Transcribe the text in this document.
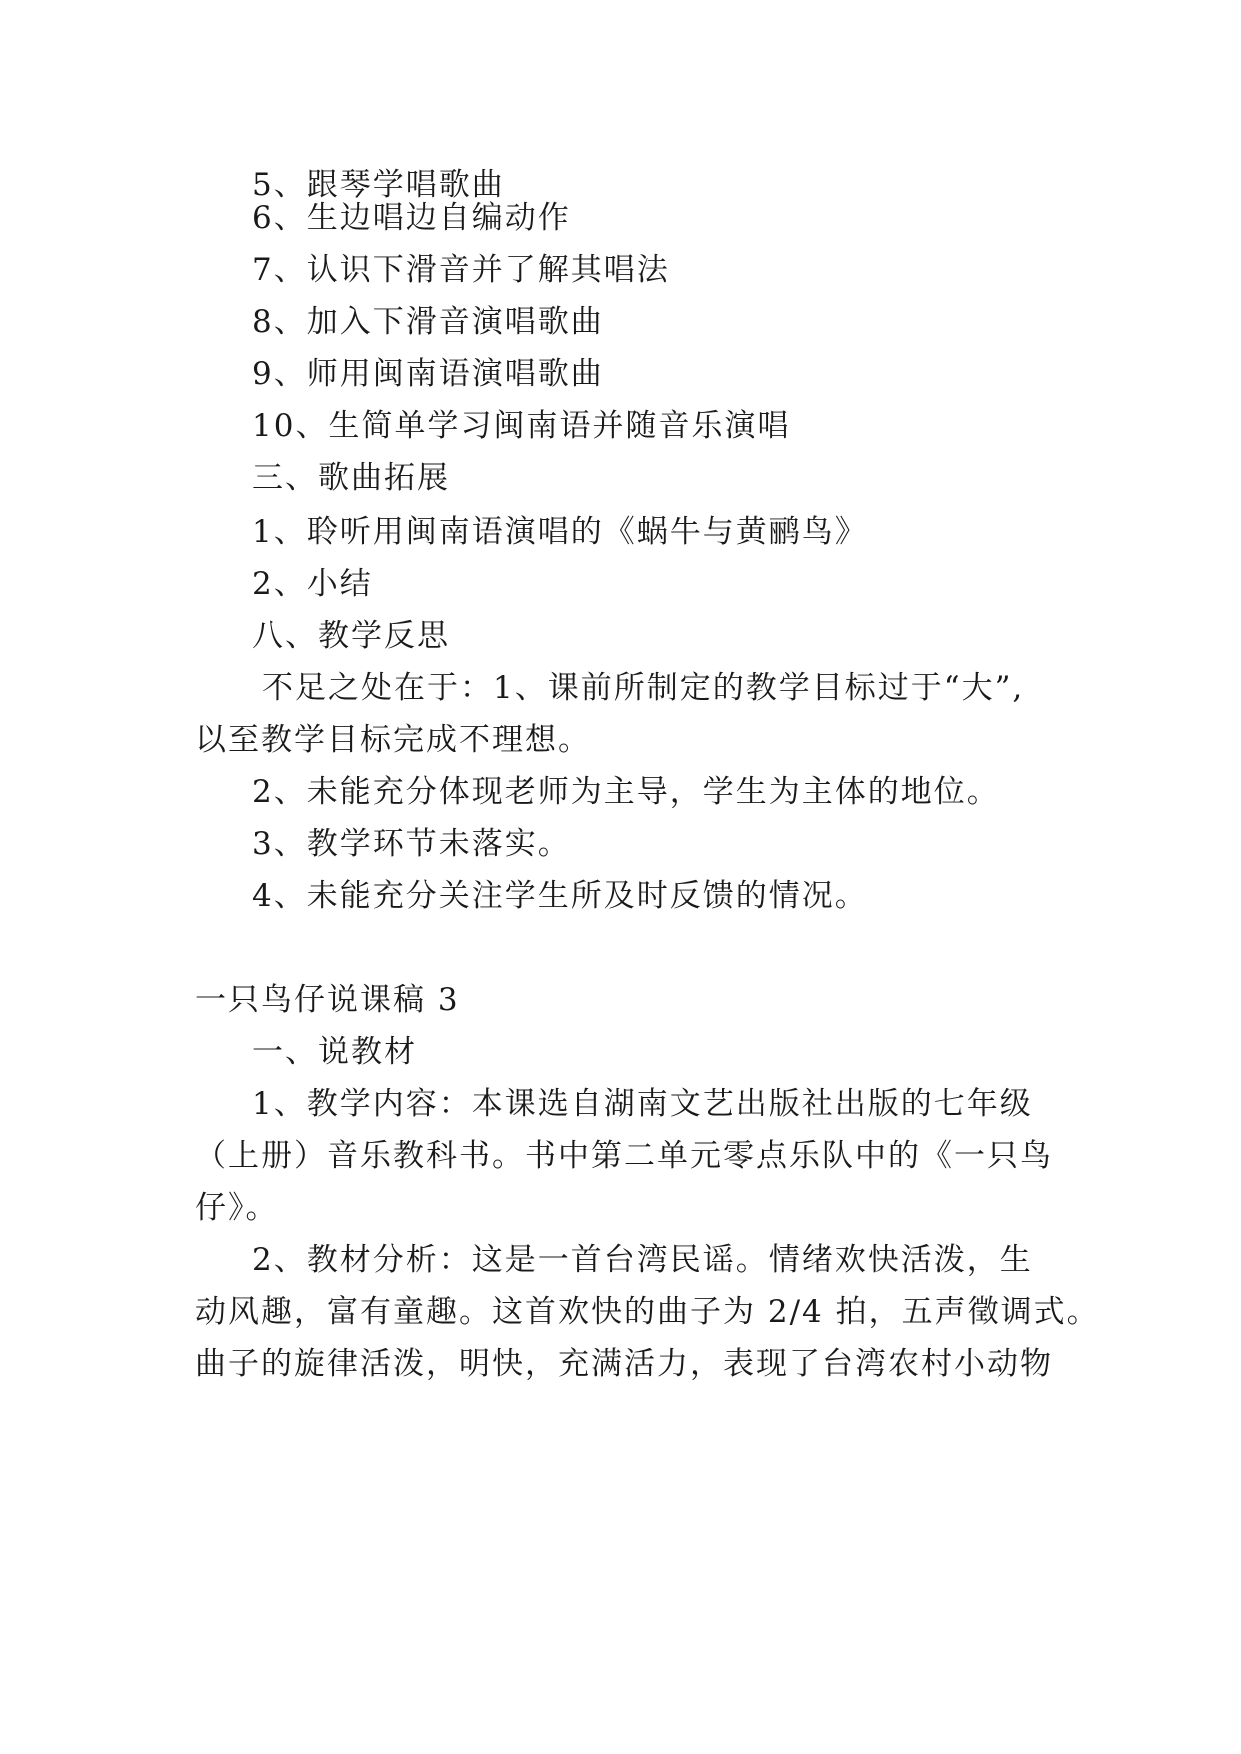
5、跟琴学唱歌曲
6、生边唱边自编动作
7、认识下滑音并了解其唱法
8、加入下滑音演唱歌曲
9、师用闽南语演唱歌曲
10、生简单学习闽南语并随音乐演唱
三、歌曲拓展
1、聆听用闽南语演唱的《蜗牛与黄鹂鸟》
2、小结
八、教学反思
不足之处在于：1、课前所制定的教学目标过于“大”,
以至教学目标完成不理想。
2、未能充分体现老师为主导，学生为主体的地位。
3、教学环节未落实。
4、未能充分关注学生所及时反馈的情况。
一只鸟仔说课稿 3
一、说教材
1、教学内容：本课选自湖南文艺出版社出版的七年级
（上册）音乐教科书。书中第二单元零点乐队中的《一只鸟
仔》。
2、教材分析：这是一首台湾民谣。情绪欢快活泼，生
动风趣，富有童趣。这首欢快的曲子为 2/4 拍，五声徵调式。
曲子的旋律活泼，明快，充满活力，表现了台湾农村小动物
